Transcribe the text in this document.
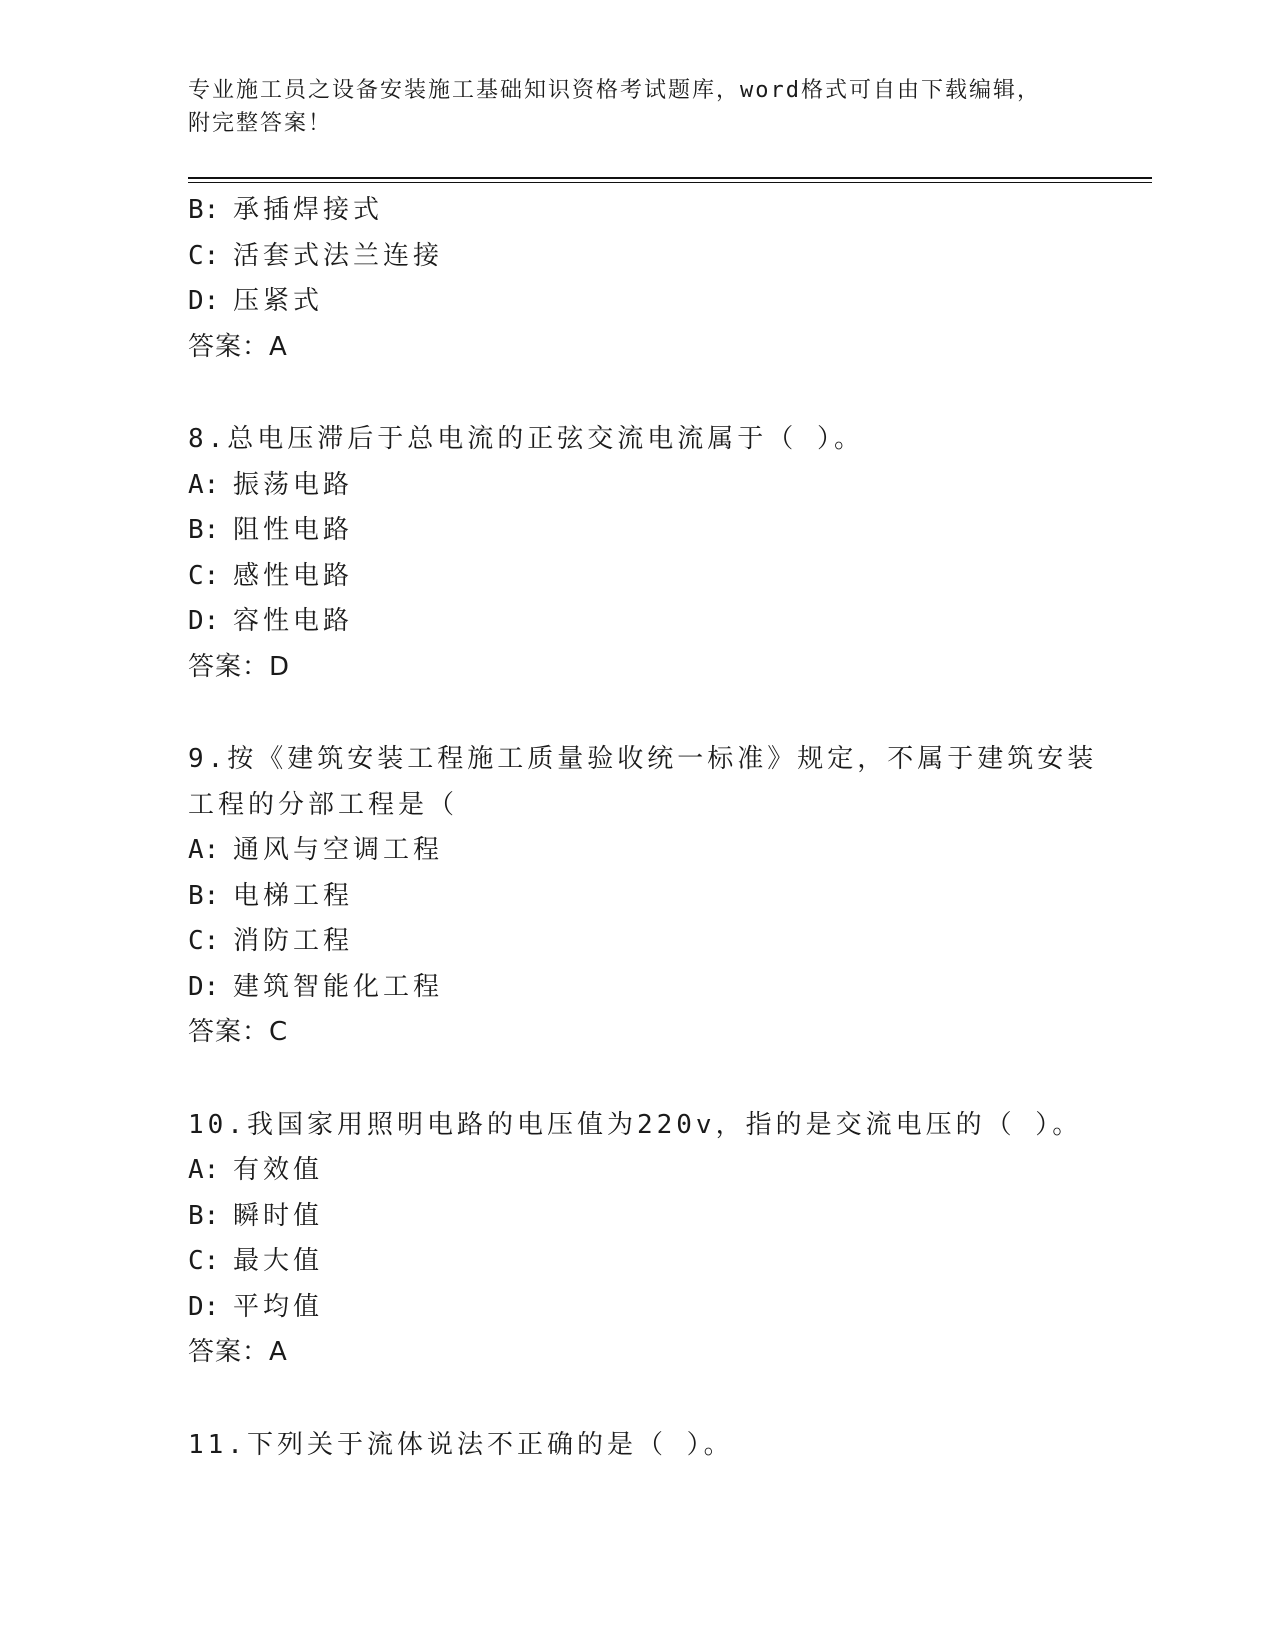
专业施工员之设备安装施工基础知识资格考试题库，word格式可自由下载编辑，
附完整答案！
B: 承插焊接式
C: 活套式法兰连接
D: 压紧式
答案：A
8.总电压滞后于总电流的正弦交流电流属于（ ）。
A: 振荡电路
B: 阻性电路
C: 感性电路
D: 容性电路
答案：D
9.按《建筑安装工程施工质量验收统一标准》规定，不属于建筑安装
工程的分部工程是（
A: 通风与空调工程
B: 电梯工程
C: 消防工程
D: 建筑智能化工程
答案：C
10.我国家用照明电路的电压值为220v，指的是交流电压的（ ）。
A: 有效值
B: 瞬时值
C: 最大值
D: 平均值
答案：A
11.下列关于流体说法不正确的是（ ）。
